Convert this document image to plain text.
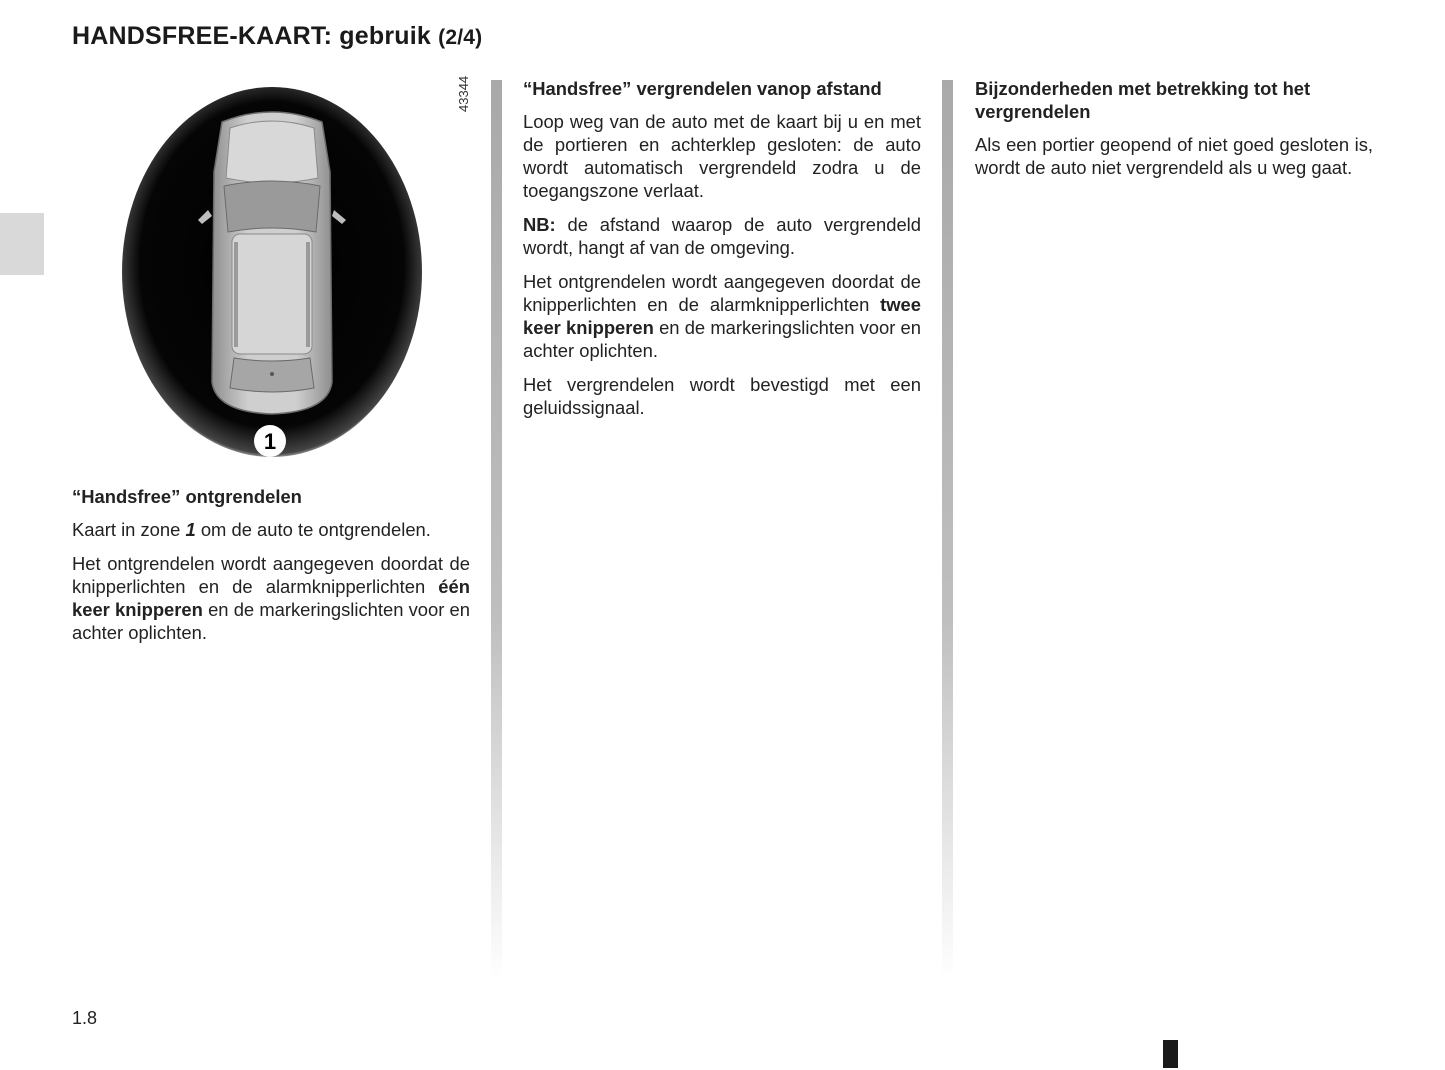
HANDSFREE-KAART: gebruik (2/4)
1
43344
“Handsfree” ontgrendelen

Kaart in zone 1 om de auto te ontgrendelen.

Het ontgrendelen wordt aangegeven doordat de knipperlichten en de alarmknipperlichten één keer knipperen en de markeringslichten voor en achter oplichten.

“Handsfree” vergrendelen vanop afstand

Loop weg van de auto met de kaart bij u en met de portieren en achterklep gesloten: de auto wordt automatisch vergrendeld zodra u de toegangszone verlaat.

NB: de afstand waarop de auto vergrendeld wordt, hangt af van de omgeving.

Het ontgrendelen wordt aangegeven doordat de knipperlichten en de alarmknipperlichten twee keer knipperen en de markeringslichten voor en achter oplichten.

Het vergrendelen wordt bevestigd met een geluidssignaal.

Bijzonderheden met betrekking tot het vergrendelen

Als een portier geopend of niet goed gesloten is, wordt de auto niet vergrendeld als u weg gaat.

1.8
